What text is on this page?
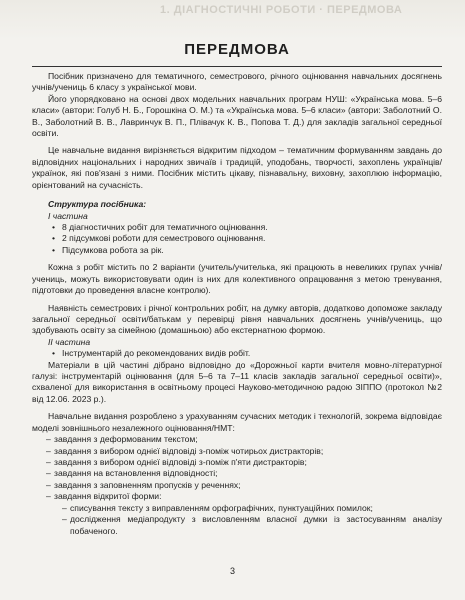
1. ДІАГНОСТИЧНІ РОБОТИ · ПЕРЕДМОВА
ПЕРЕДМОВА

Посібник призначено для тематичного, семестрового, річного оцінювання навчальних досягнень учнів/учениць 6 класу з української мови.

Його упорядковано на основі двох модельних навчальних програм НУШ: «Українська мова. 5–6 класи» (автори: Голуб Н. Б., Горошкіна О. М.) та «Українська мова. 5–6 класи» (автори: Заболотний О. В., Заболотний В. В., Лавринчук В. П., Плівачук К. В., Попова Т. Д.) для закладів загальної середньої освіти.

Це навчальне видання вирізняється відкритим підходом – тематичним формуванням завдань до відповідних національних і народних звичаїв і традицій, уподобань, творчості, захоплень українців/українок, які пов'язані з ними. Посібник містить цікаву, пізнавальну, виховну, захоплюю інформацію, орієнтований на сучасність.

Структура посібника:
І частина
• 8 діагностичних робіт для тематичного оцінювання.
• 2 підсумкові роботи для семестрового оцінювання.
• Підсумкова робота за рік.

Кожна з робіт містить по 2 варіанти (учитель/учителька, які працюють в невеликих групах учнів/учениць, можуть використовувати один із них для колективного опрацювання з метою тренування, підготовки до проведення власне контролю).

Наявність семестрових і річної контрольних робіт, на думку авторів, додатково допоможе закладу загальної середньої освіти/батькам у перевірці рівня навчальних досягнень учнів/учениць, що здобувають освіту за сімейною (домашньою) або екстернатною формою.

ІІ частина
• Інструментарій до рекомендованих видів робіт.

Матеріали в цій частині дібрано відповідно до «Дорожньої карти вчителя мовно-літературної галузі: інструментарій оцінювання (для 5–6 та 7–11 класів закладів загальної середньої освіти)», схваленої для використання в освітньому процесі Науково-методичною радою ЗІППО (протокол №2 від 12.06. 2023 р.).

Навчальне видання розроблено з урахуванням сучасних методик і технологій, зокрема відповідає моделі зовнішнього незалежного оцінювання/НМТ:

– завдання з деформованим текстом;
– завдання з вибором однієї відповіді з-поміж чотирьох дистракторів;
– завдання з вибором однієї відповіді з-поміж п'яти дистракторів;
– завдання на встановлення відповідності;
– завдання з заповненням пропусків у реченнях;
– завдання відкритої форми:
– списування тексту з виправленням орфографічних, пунктуаційних помилок;
– дослідження медіапродукту з висловленням власної думки із застосуванням аналізу побаченого.
3
